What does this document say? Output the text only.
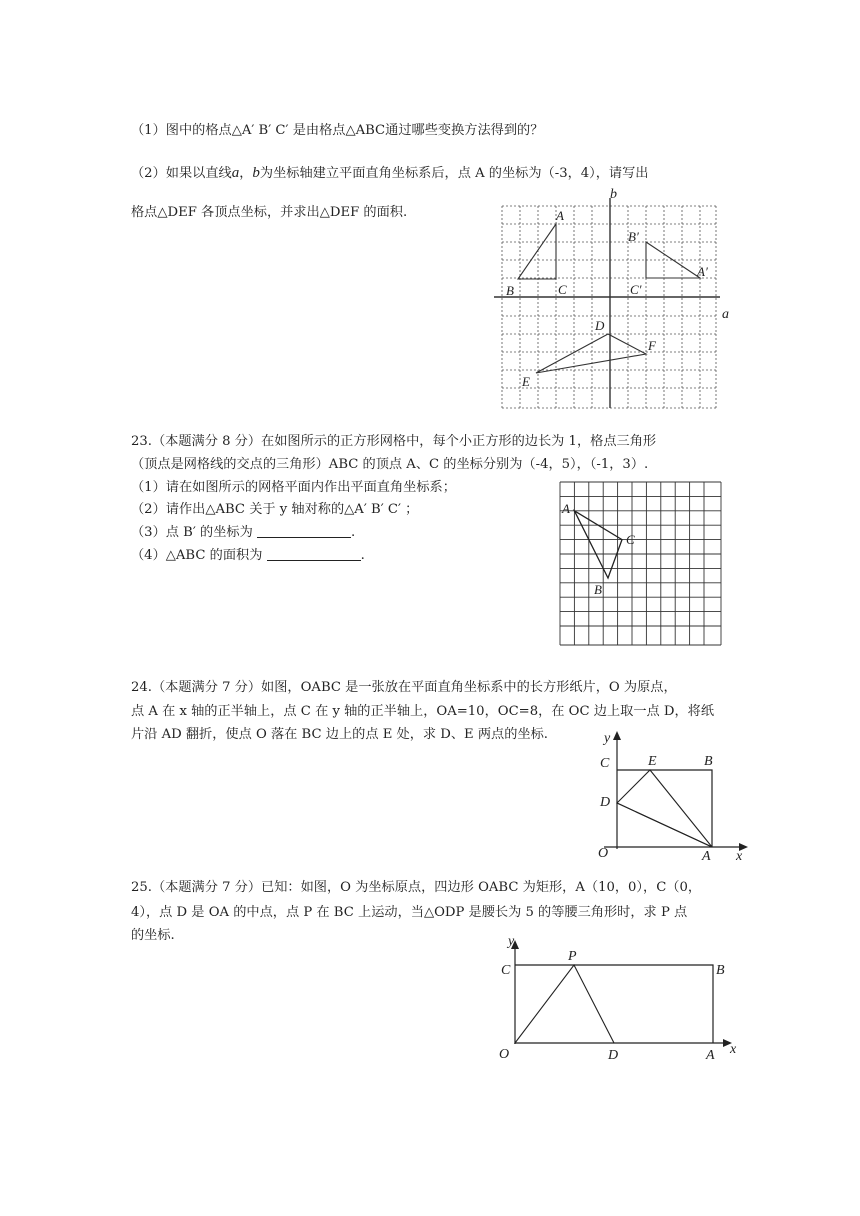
（1）图中的格点△A′ B′ C′ 是由格点△ABC通过哪些变换方法得到的？
（2）如果以直线a，b为坐标轴建立平面直角坐标系后，点 A 的坐标为（-3，4），请写出
格点△DEF 各顶点坐标，并求出△DEF 的面积.
b
a
A
B	C
B′
A′
C′
D
F
E
23.（本题满分 8 分）在如图所示的正方形网格中，每个小正方形的边长为 1，格点三角形
（顶点是网格线的交点的三角形）ABC 的顶点 A、C 的坐标分别为（-4，5），（-1，3）.
（1）请在如图所示的网格平面内作出平面直角坐标系；
（2）请作出△ABC 关于 y 轴对称的△A′ B′ C′ ；
（3）点 B′ 的坐标为	.
（4）△ABC 的面积为	.
A
C
B
24.（本题满分 7 分）如图，OABC 是一张放在平面直角坐标系中的长方形纸片，O 为原点，
点 A 在 x 轴的正半轴上，点 C 在 y 轴的正半轴上，OA=10，OC=8，在 OC 边上取一点 D，将纸
片沿 AD 翻折，使点 O 落在 BC 边上的点 E 处，求 D、E 两点的坐标.	y
C	E	B
D
O	A x
25.（本题满分 7 分）已知：如图，O 为坐标原点，四边形 OABC 为矩形，A（10，0），C（0，
4），点 D 是 OA 的中点，点 P 在 BC 上运动，当△ODP 是腰长为 5 的等腰三角形时，求 P 点
的坐标.	y
C
P
B
O	D	A x
